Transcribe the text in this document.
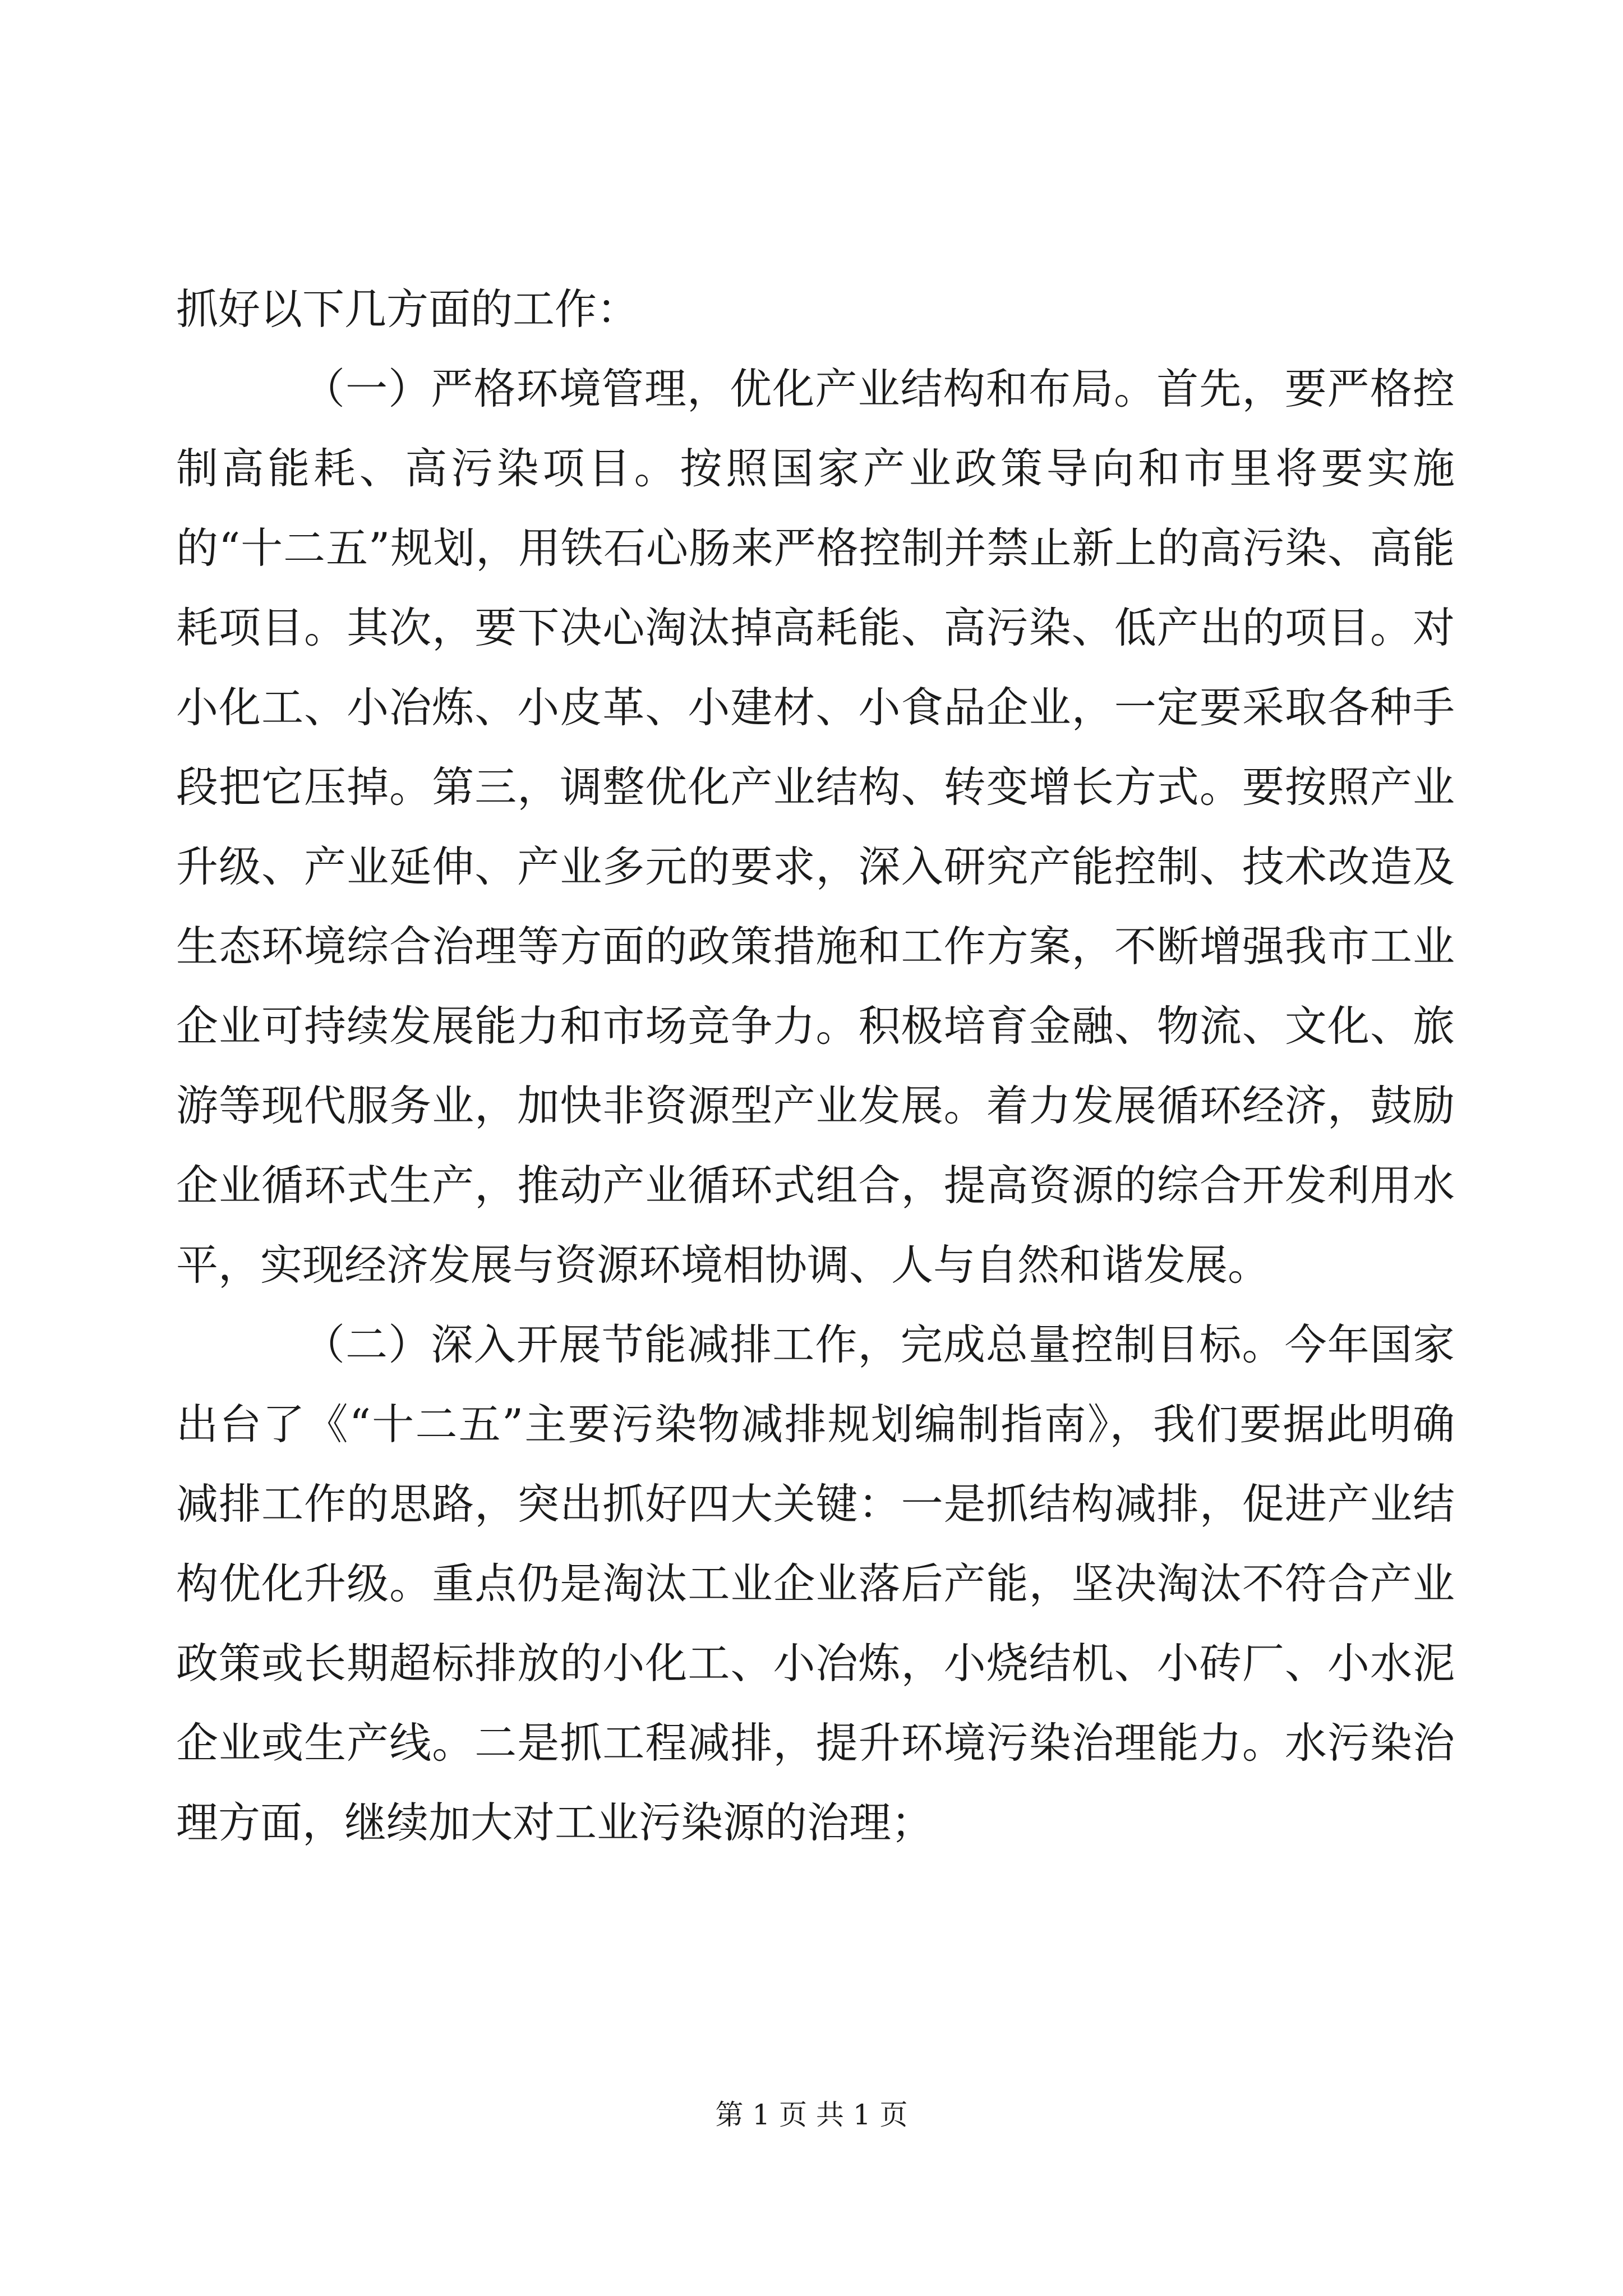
抓好以下几方面的工作：

（一）严格环境管理，优化产业结构和布局。首先，要严格控制高能耗、高污染项目。按照国家产业政策导向和市里将要实施的“十二五”规划，用铁石心肠来严格控制并禁止新上的高污染、高能耗项目。其次，要下决心淘汰掉高耗能、高污染、低产出的项目。对小化工、小冶炼、小皮革、小建材、小食品企业，一定要采取各种手段把它压掉。第三，调整优化产业结构、转变增长方式。要按照产业升级、产业延伸、产业多元的要求，深入研究产能控制、技术改造及生态环境综合治理等方面的政策措施和工作方案，不断增强我市工业企业可持续发展能力和市场竞争力。积极培育金融、物流、文化、旅游等现代服务业，加快非资源型产业发展。着力发展循环经济，鼓励企业循环式生产，推动产业循环式组合，提高资源的综合开发利用水平，实现经济发展与资源环境相协调、人与自然和谐发展。

（二）深入开展节能减排工作，完成总量控制目标。今年国家出台了《“十二五”主要污染物减排规划编制指南》，我们要据此明确减排工作的思路，突出抓好四大关键：一是抓结构减排，促进产业结构优化升级。重点仍是淘汰工业企业落后产能，坚决淘汰不符合产业政策或长期超标排放的小化工、小冶炼，小烧结机、小砖厂、小水泥企业或生产线。二是抓工程减排，提升环境污染治理能力。水污染治理方面，继续加大对工业污染源的治理；

第 1 页 共 1 页
